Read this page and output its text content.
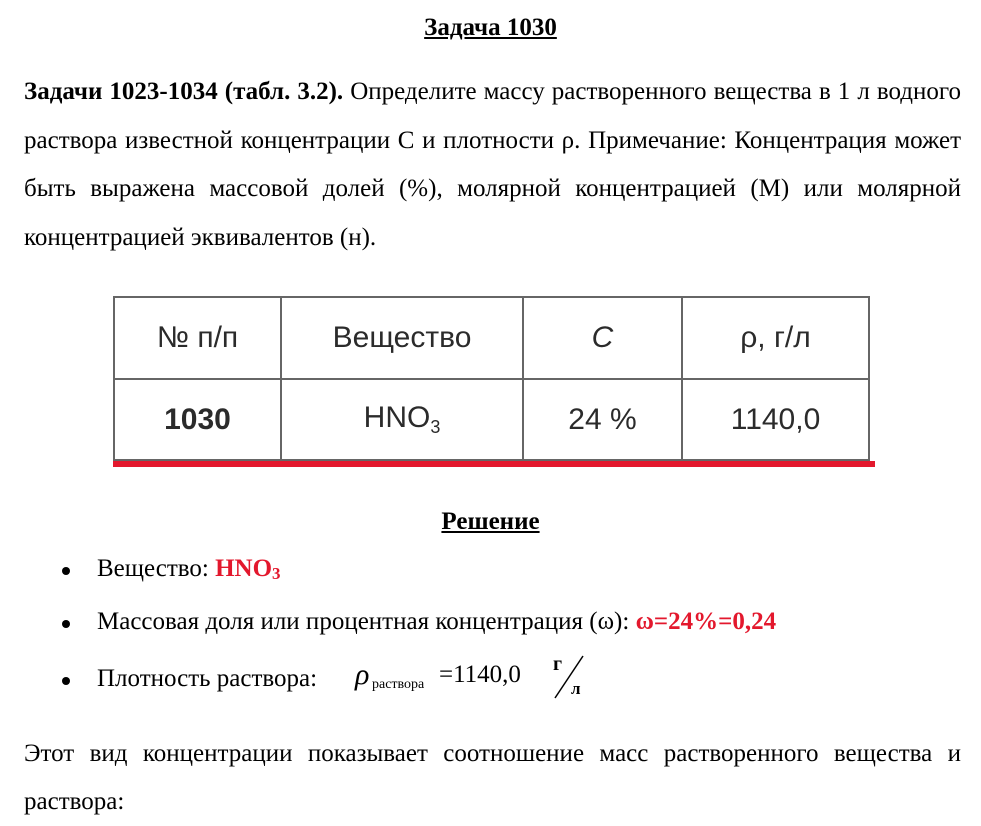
Задача 1030
Задачи 1023-1034 (табл. 3.2). Определите массу растворенного вещества в 1 л водного раствора известной концентрации С и плотности ρ. Примечание: Концентрация может быть выражена массовой долей (%), молярной концентрацией (М) или молярной концентрацией эквивалентов (н).
№ п/п	Вещество	C	ρ, г/л
1030	$HNO_3$	24 %	1140,0
Решение
Вещество: $HNO_3$
Массовая доля или процентная концентрация (ω): ω=24%=0,24
Плотность раствора: ρ раствора =1140,0 г
л
Этот вид концентрации показывает соотношение масс растворенного вещества и раствора:
